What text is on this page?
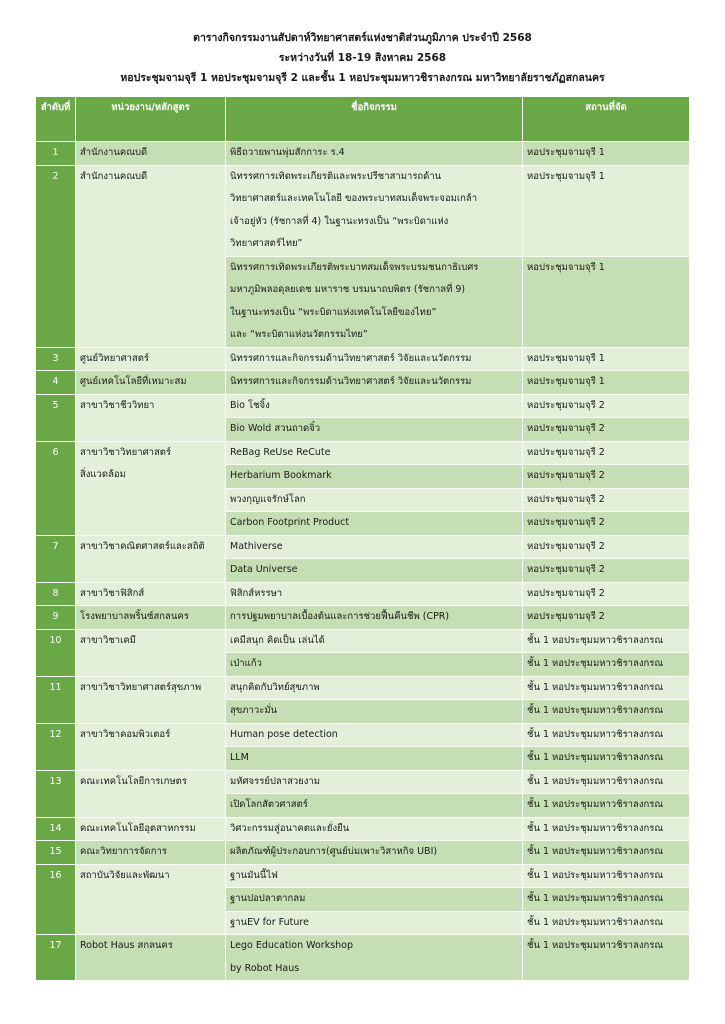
ตารางกิจกรรมงานสัปดาห์วิทยาศาสตร์แห่งชาติส่วนภูมิภาค ประจำปี 2568
ระหว่างวันที่ 18-19 สิงหาคม 2568
หอประชุมจามจุรี 1 หอประชุมจามจุรี 2 และชั้น 1 หอประชุมมหาวชิราลงกรณ มหาวิทยาลัยราชภัฏสกลนคร
ลำดับที่	หน่วยงาน/หลักสูตร	ชื่อกิจกรรม	สถานที่จัด
1	สำนักงานคณบดี	พิธีถวายพานพุ่มสักการะ ร.4	หอประชุมจามจุรี 1
2	สำนักงานคณบดี	นิทรรศการเทิดพระเกียรติและพระปรีชาสามารถด้าน
วิทยาศาสตร์และเทคโนโลยี ของพระบาทสมเด็จพระจอมเกล้า
เจ้าอยู่หัว (รัชกาลที่ 4) ในฐานะทรงเป็น “พระบิดาแห่ง
วิทยาศาสตร์ไทย”	หอประชุมจามจุรี 1
		นิทรรศการเทิดพระเกียรติพระบาทสมเด็จพระบรมชนกาธิเบศร
มหาภูมิพลอดุลยเดช มหาราช บรมนาถบพิตร (รัชกาลที่ 9)
ในฐานะทรงเป็น “พระบิดาแห่งเทคโนโลยีของไทย”
และ “พระบิดาแห่งนวัตกรรมไทย”	หอประชุมจามจุรี 1
3	ศูนย์วิทยาศาสตร์	นิทรรศการและกิจกรรมด้านวิทยาศาสตร์ วิจัยและนวัตกรรม	หอประชุมจามจุรี 1
4	ศูนย์เทคโนโลยีที่เหมาะสม	นิทรรศการและกิจกรรมด้านวิทยาศาสตร์ วิจัยและนวัตกรรม	หอประชุมจามจุรี 1
5	สาขาวิชาชีววิทยา	Bio โชจิ้ง	หอประชุมจามจุรี 2
		Bio Wold สวนถาดจิ๋ว	หอประชุมจามจุรี 2
6	สาขาวิชาวิทยาศาสตร์
สิ่งแวดล้อม	ReBag ReUse ReCute	หอประชุมจามจุรี 2
		Herbarium Bookmark	หอประชุมจามจุรี 2
		พวงกุญแจรักษ์โลก	หอประชุมจามจุรี 2
		Carbon Footprint Product	หอประชุมจามจุรี 2
7	สาขาวิชาคณิตศาสตร์และสถิติ	Mathiverse	หอประชุมจามจุรี 2
		Data Universe	หอประชุมจามจุรี 2
8	สาขาวิชาฟิสิกส์	ฟิสิกส์หรรษา	หอประชุมจามจุรี 2
9	โรงพยาบาลพริ้นซ์สกลนคร	การปฐมพยาบาลเบื้องต้นและการช่วยฟื้นคืนชีพ (CPR)	หอประชุมจามจุรี 2
10	สาขาวิชาเคมี	เคมีสนุก คิดเป็น เล่นได้	ชั้น 1 หอประชุมมหาวชิราลงกรณ
		เป่าแก้ว	ชั้น 1 หอประชุมมหาวชิราลงกรณ
11	สาขาวิชาวิทยาศาสตร์สุขภาพ	สนุกคิดกับวิทย์สุขภาพ	ชั้น 1 หอประชุมมหาวชิราลงกรณ
		สุขภาวะมั่น	ชั้น 1 หอประชุมมหาวชิราลงกรณ
12	สาขาวิชาคอมพิวเตอร์	Human pose detection	ชั้น 1 หอประชุมมหาวชิราลงกรณ
		LLM	ชั้น 1 หอประชุมมหาวชิราลงกรณ
13	คณะเทคโนโลยีการเกษตร	มหัศจรรย์ปลาสวยงาม	ชั้น 1 หอประชุมมหาวชิราลงกรณ
		เปิดโลกสัตวศาสตร์	ชั้น 1 หอประชุมมหาวชิราลงกรณ
14	คณะเทคโนโลยีอุตสาหกรรม	วิศวะกรรมสู่อนาคตและยั่งยืน	ชั้น 1 หอประชุมมหาวชิราลงกรณ
15	คณะวิทยาการจัดการ	ผลิตภัณฑ์ผู้ประกอบการ(ศูนย์บ่มเพาะวิสาหกิจ UBI)	ชั้น 1 หอประชุมมหาวชิราลงกรณ
16	สถาบันวิจัยและพัฒนา	ฐานมันนี้ไฟ	ชั้น 1 หอประชุมมหาวชิราลงกรณ
		ฐานปอปลาตากลม	ชั้น 1 หอประชุมมหาวชิราลงกรณ
		ฐานEV for Future	ชั้น 1 หอประชุมมหาวชิราลงกรณ
17	Robot Haus สกลนคร	Lego Education Workshop
by Robot Haus	ชั้น 1 หอประชุมมหาวชิราลงกรณ
